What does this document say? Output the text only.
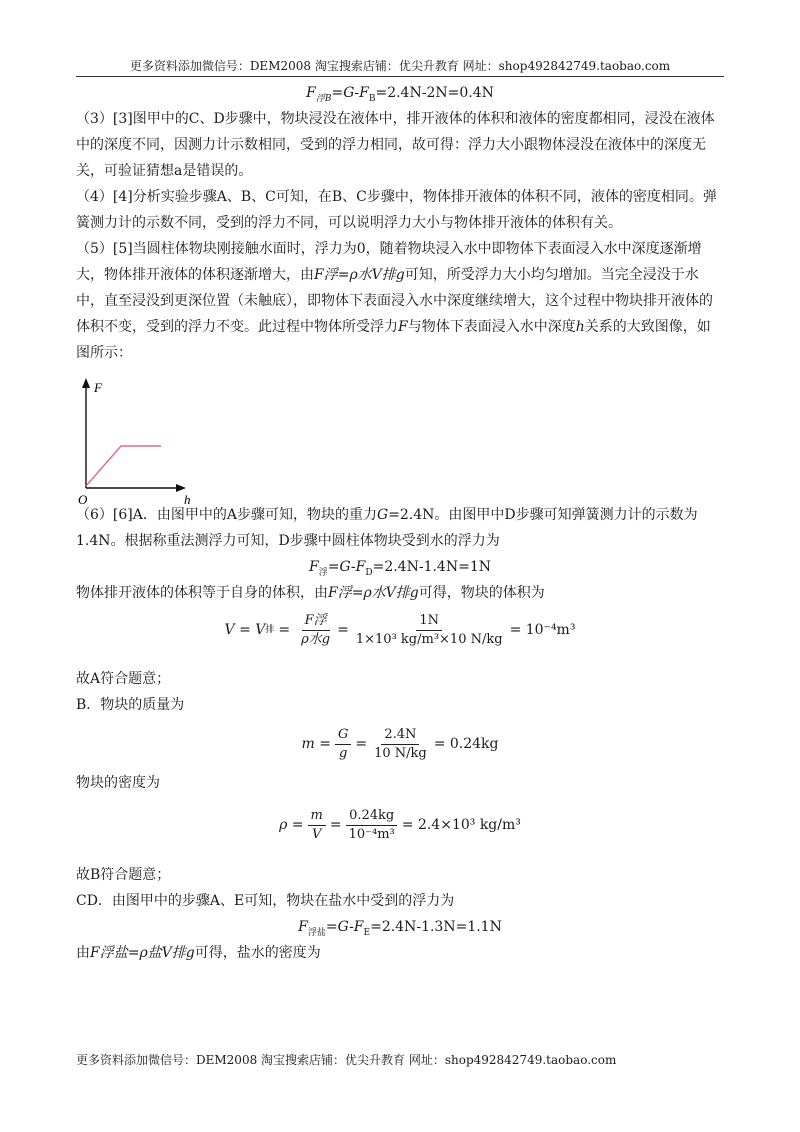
更多资料添加微信号：DEM2008 淘宝搜索店铺：优尖升教育 网址：shop492842749.taobao.com

$F_{浮B}=G-F_B=2.4N-2N=0.4N$

（3）[3]图甲中的C、D步骤中，物块浸没在液体中，排开液体的体积和液体的密度都相同，浸没在液体中的深度不同，因测力计示数相同，受到的浮力相同，故可得：浮力大小跟物体浸没在液体中的深度无关，可验证猜想a是错误的。

（4）[4]分析实验步骤A、B、C可知，在B、C步骤中，物体排开液体的体积不同，液体的密度相同。弹簧测力计的示数不同，受到的浮力不同，可以说明浮力大小与物体排开液体的体积有关。

（5）[5]当圆柱体物块刚接触水面时，浮力为0，随着物块浸入水中即物体下表面浸入水中深度逐渐增大，物体排开液体的体积逐渐增大，由F浮=ρ水V排g可知，所受浮力大小均匀增加。当完全浸没于水中，直至浸没到更深位置（未触底），即物体下表面浸入水中深度继续增大，这个过程中物块排开液体的体积不变，受到的浮力不变。此过程中物体所受浮力F与物体下表面浸入水中深度h关系的大致图像，如图所示：

F
O	h

（6）[6]A．由图甲中的A步骤可知，物块的重力G=2.4N。由图甲中D步骤可知弹簧测力计的示数为1.4N。根据称重法测浮力可知，D步骤中圆柱体物块受到水的浮力为

$F_浮=G-F_D=2.4N-1.4N=1N$

物体排开液体的体积等于自身的体积，由F浮=ρ水V排g可得，物块的体积为

V = V 排 = $\frac{\text{F浮}}{\text{ρ水g}} = \frac{1N}{\text{1×10³ kg/m³×10 N/kg}} = 10^{-4}m^3$

故A符合题意；

B．物块的质量为

$m = \frac{G}{g} = \frac{2.4N}{10 N/kg} = 0.24kg$

物块的密度为

$\rho = \frac{m}{V} = \frac{0.24kg}{\text{10⁻⁴m³}} = 2.4\times 10^3$ kg/m³

故B符合题意；

CD．由图甲中的步骤A、E可知，物块在盐水中受到的浮力为

$F_{浮盐}=G-F_E=2.4N-1.3N=1.1N$

由F浮盐=ρ盐V排g可得，盐水的密度为

更多资料添加微信号：DEM2008 淘宝搜索店铺：优尖升教育 网址：shop492842749.taobao.com
